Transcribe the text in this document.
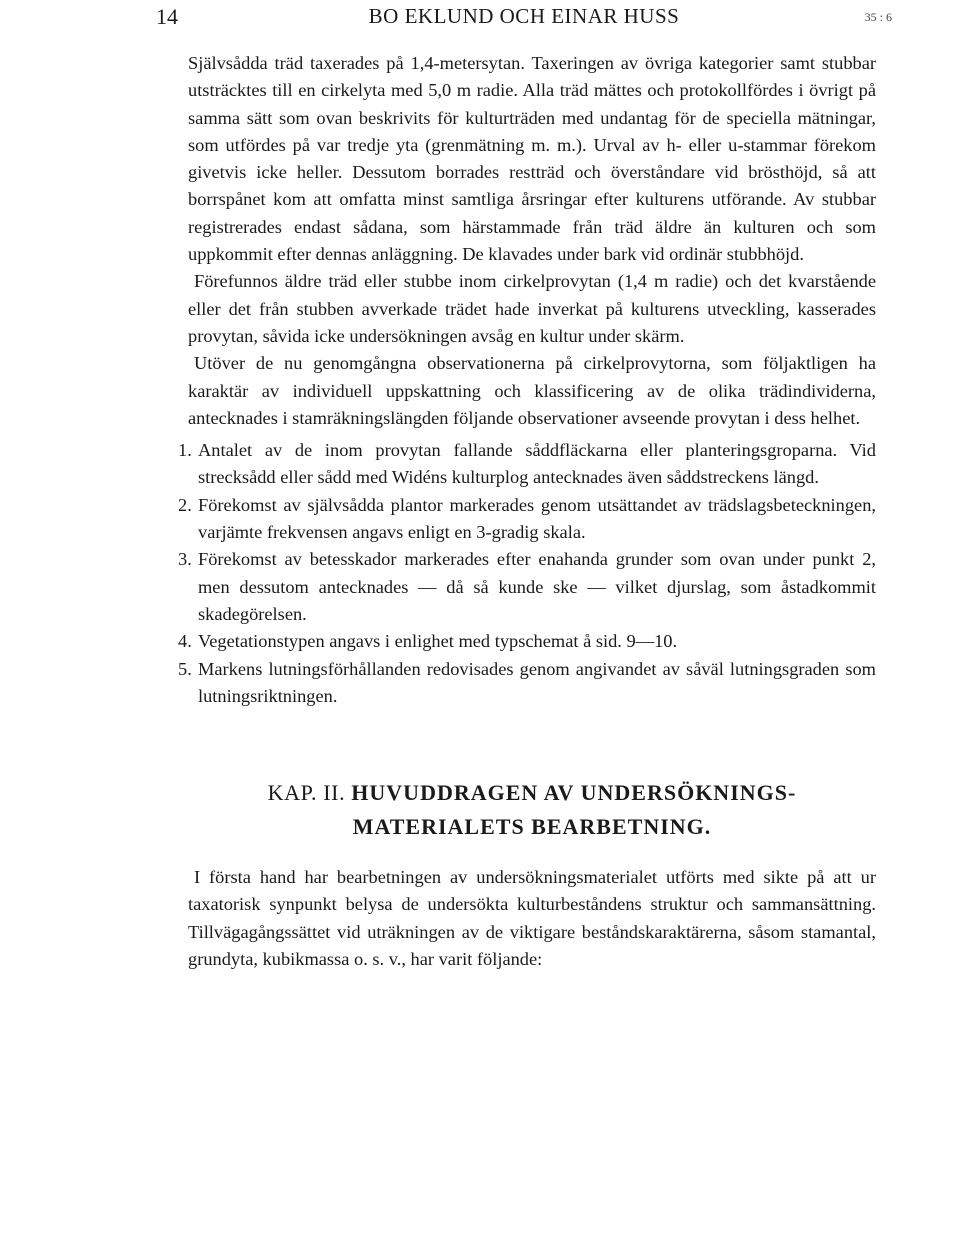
14	BO EKLUND OCH EINAR HUSS	35 : 6

Självsådda träd taxerades på 1,4-metersytan. Taxeringen av övriga kategorier samt stubbar utsträcktes till en cirkelyta med 5,0 m radie. Alla träd mättes och protokollfördes i övrigt på samma sätt som ovan beskrivits för kulturträden med undantag för de speciella mätningar, som utfördes på var tredje yta (grenmätning m. m.). Urval av h- eller u-stammar förekom givetvis icke heller. Dessutom borrades restträd och överståndare vid brösthöjd, så att borrspånet kom att omfatta minst samtliga årsringar efter kulturens utförande. Av stubbar registrerades endast sådana, som härstammade från träd äldre än kulturen och som uppkommit efter dennas anläggning. De klavades under bark vid ordinär stubbhöjd.

Förefunnos äldre träd eller stubbe inom cirkelprovytan (1,4 m radie) och det kvarstående eller det från stubben avverkade trädet hade inverkat på kulturens utveckling, kasserades provytan, såvida icke undersökningen avsåg en kultur under skärm.

Utöver de nu genomgångna observationerna på cirkelprovytorna, som följaktligen ha karaktär av individuell uppskattning och klassificering av de olika trädindividerna, antecknades i stamräkningslängden följande observationer avseende provytan i dess helhet.

1. Antalet av de inom provytan fallande såddfläckarna eller planteringsgroparna. Vid strecksådd eller sådd med Widéns kulturplog antecknades även såddstreckens längd.
2. Förekomst av självsådda plantor markerades genom utsättandet av trädslagsbeteckningen, varjämte frekvensen angavs enligt en 3-gradig skala.
3. Förekomst av betesskador markerades efter enahanda grunder som ovan under punkt 2, men dessutom antecknades — då så kunde ske — vilket djurslag, som åstadkommit skadegörelsen.
4. Vegetationstypen angavs i enlighet med typschemat å sid. 9—10.
5. Markens lutningsförhållanden redovisades genom angivandet av såväl lutningsgraden som lutningsriktningen.
KAP. II. HUVUDDRAGEN AV UNDERSÖKNINGS-
MATERIALETS BEARBETNING.

I första hand har bearbetningen av undersökningsmaterialet utförts med sikte på att ur taxatorisk synpunkt belysa de undersökta kulturbeståndens struktur och sammansättning. Tillvägagångssättet vid uträkningen av de viktigare beståndskaraktärerna, såsom stamantal, grundyta, kubikmassa o. s. v., har varit följande:
